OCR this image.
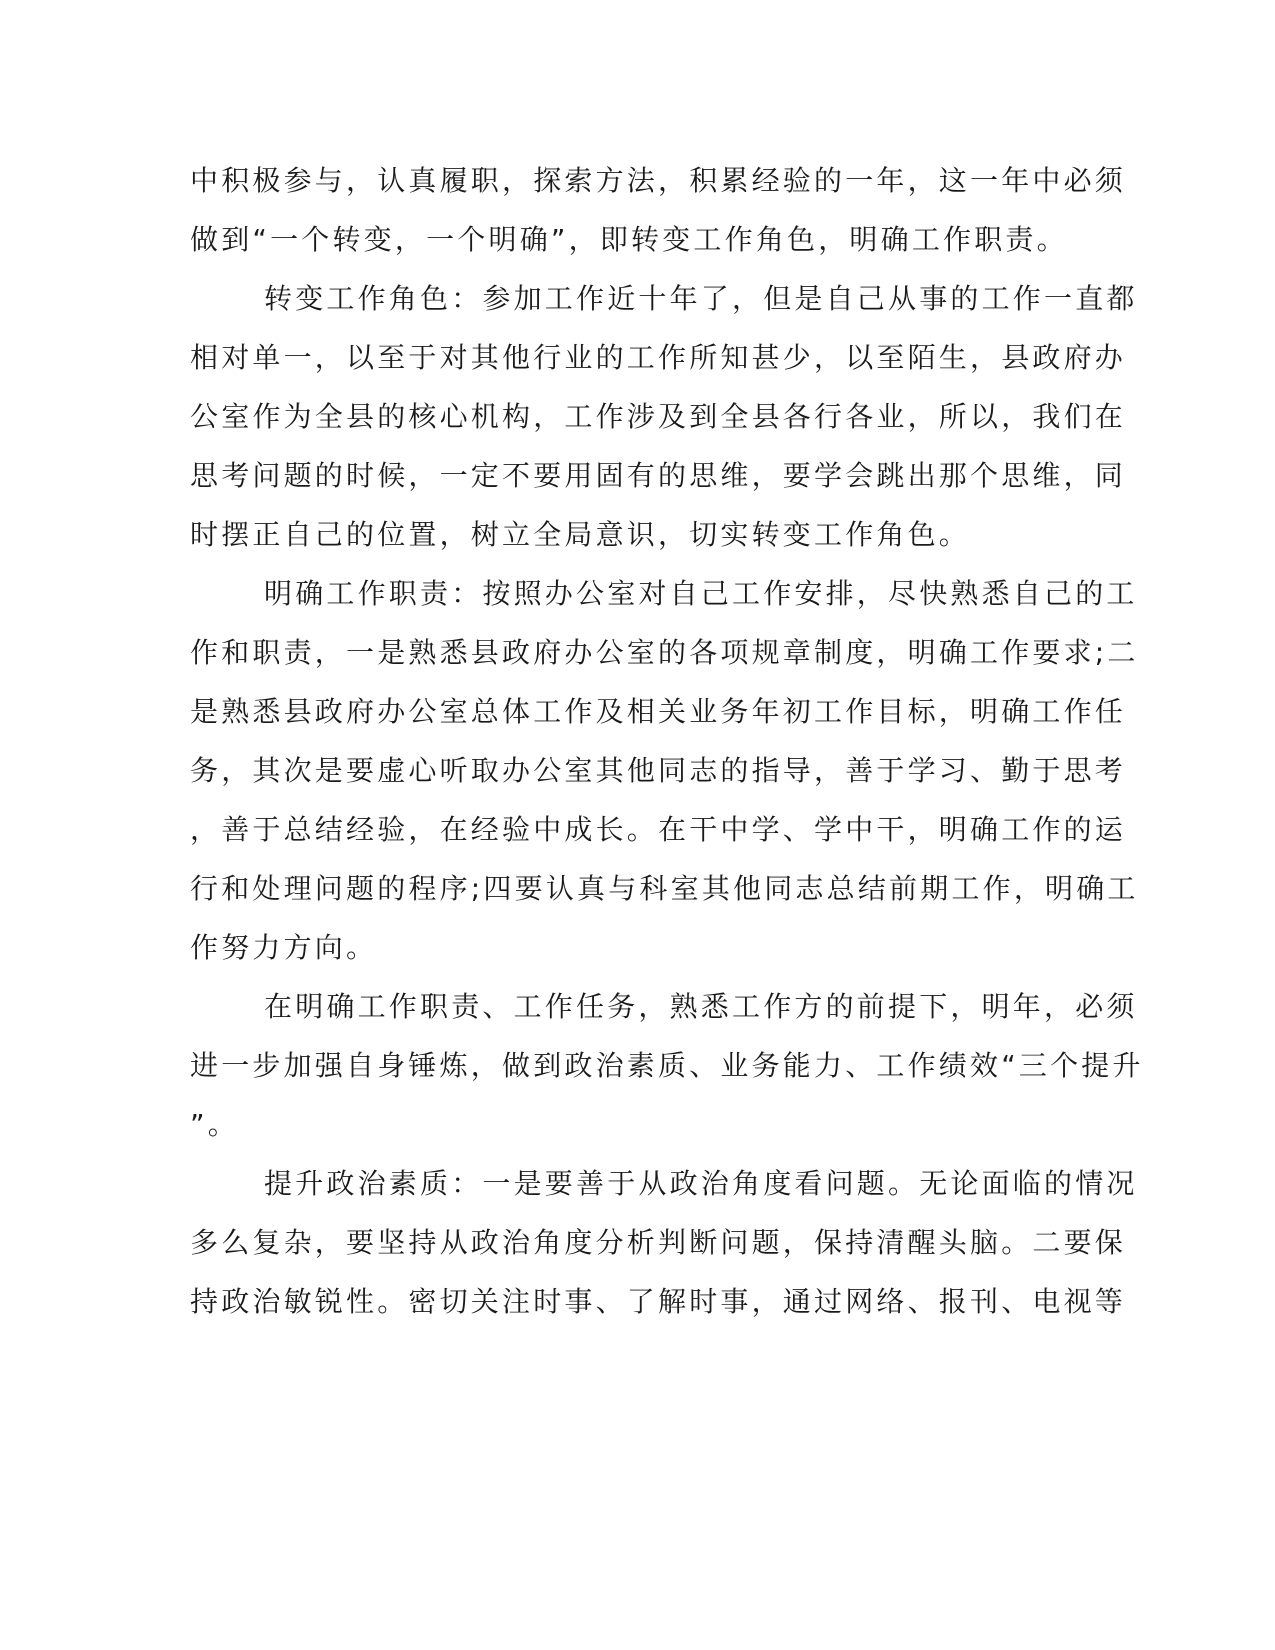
中积极参与，认真履职，探索方法，积累经验的一年，这一年中必须
做到“一个转变，一个明确”，即转变工作角色，明确工作职责。
转变工作角色：参加工作近十年了，但是自己从事的工作一直都
相对单一，以至于对其他行业的工作所知甚少，以至陌生，县政府办
公室作为全县的核心机构，工作涉及到全县各行各业，所以，我们在
思考问题的时候，一定不要用固有的思维，要学会跳出那个思维，同
时摆正自己的位置，树立全局意识，切实转变工作角色。
明确工作职责：按照办公室对自己工作安排，尽快熟悉自己的工
作和职责，一是熟悉县政府办公室的各项规章制度，明确工作要求;二
是熟悉县政府办公室总体工作及相关业务年初工作目标，明确工作任
务，其次是要虚心听取办公室其他同志的指导，善于学习、勤于思考
，善于总结经验，在经验中成长。在干中学、学中干，明确工作的运
行和处理问题的程序;四要认真与科室其他同志总结前期工作，明确工
作努力方向。
在明确工作职责、工作任务，熟悉工作方的前提下，明年，必须
进一步加强自身锤炼，做到政治素质、业务能力、工作绩效“三个提升
”。
提升政治素质：一是要善于从政治角度看问题。无论面临的情况
多么复杂，要坚持从政治角度分析判断问题，保持清醒头脑。二要保
持政治敏锐性。密切关注时事、了解时事，通过网络、报刊、电视等
